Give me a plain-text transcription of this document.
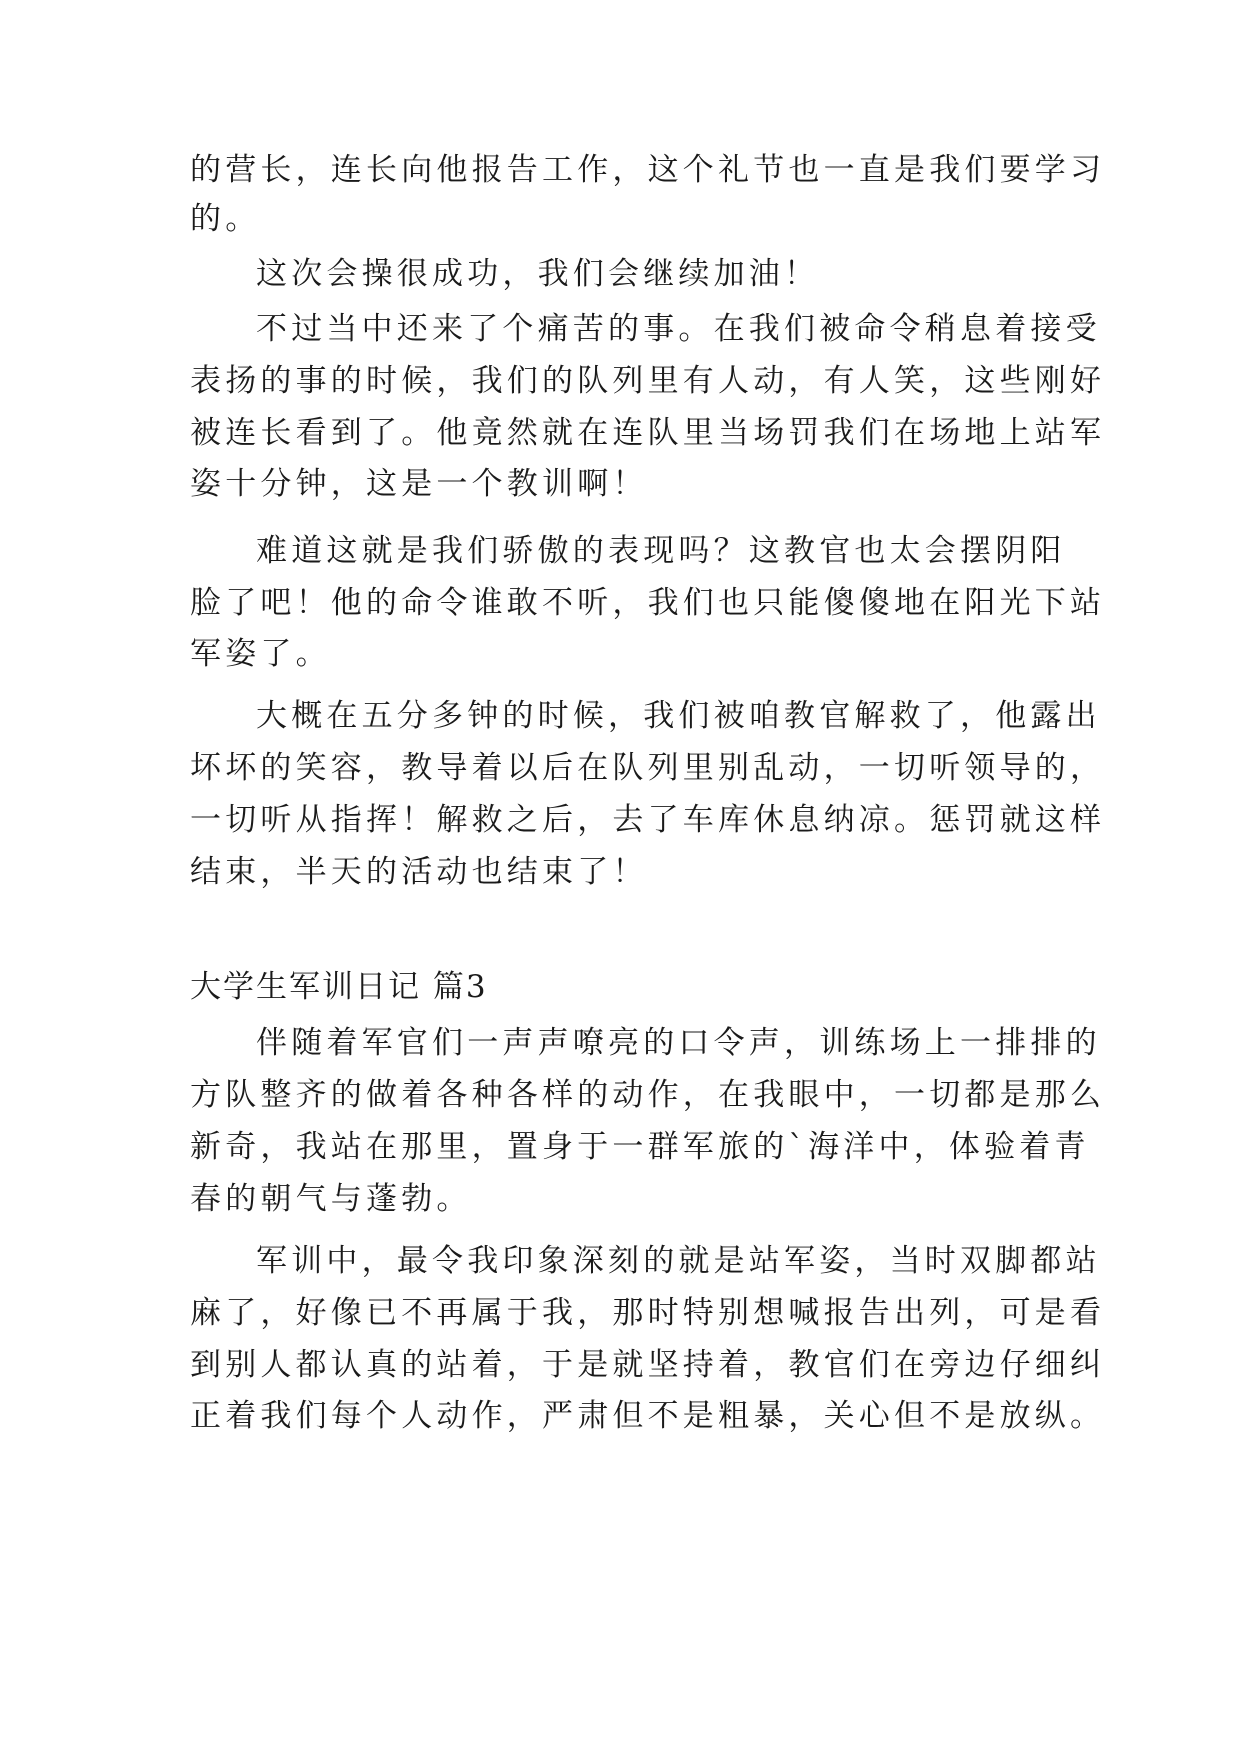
的营长，连长向他报告工作，这个礼节也一直是我们要学习
的。
这次会操很成功，我们会继续加油！
不过当中还来了个痛苦的事。在我们被命令稍息着接受
表扬的事的时候，我们的队列里有人动，有人笑，这些刚好
被连长看到了。他竟然就在连队里当场罚我们在场地上站军
姿十分钟，这是一个教训啊！
难道这就是我们骄傲的表现吗？这教官也太会摆阴阳
脸了吧！他的命令谁敢不听，我们也只能傻傻地在阳光下站
军姿了。
大概在五分多钟的时候，我们被咱教官解救了，他露出
坏坏的笑容，教导着以后在队列里别乱动，一切听领导的，
一切听从指挥！解救之后，去了车库休息纳凉。惩罚就这样
结束，半天的活动也结束了！
大学生军训日记 篇3
伴随着军官们一声声嘹亮的口令声，训练场上一排排的
方队整齐的做着各种各样的动作，在我眼中，一切都是那么
新奇，我站在那里，置身于一群军旅的`海洋中，体验着青
春的朝气与蓬勃。
军训中，最令我印象深刻的就是站军姿，当时双脚都站
麻了，好像已不再属于我，那时特别想喊报告出列，可是看
到别人都认真的站着，于是就坚持着，教官们在旁边仔细纠
正着我们每个人动作，严肃但不是粗暴，关心但不是放纵。
